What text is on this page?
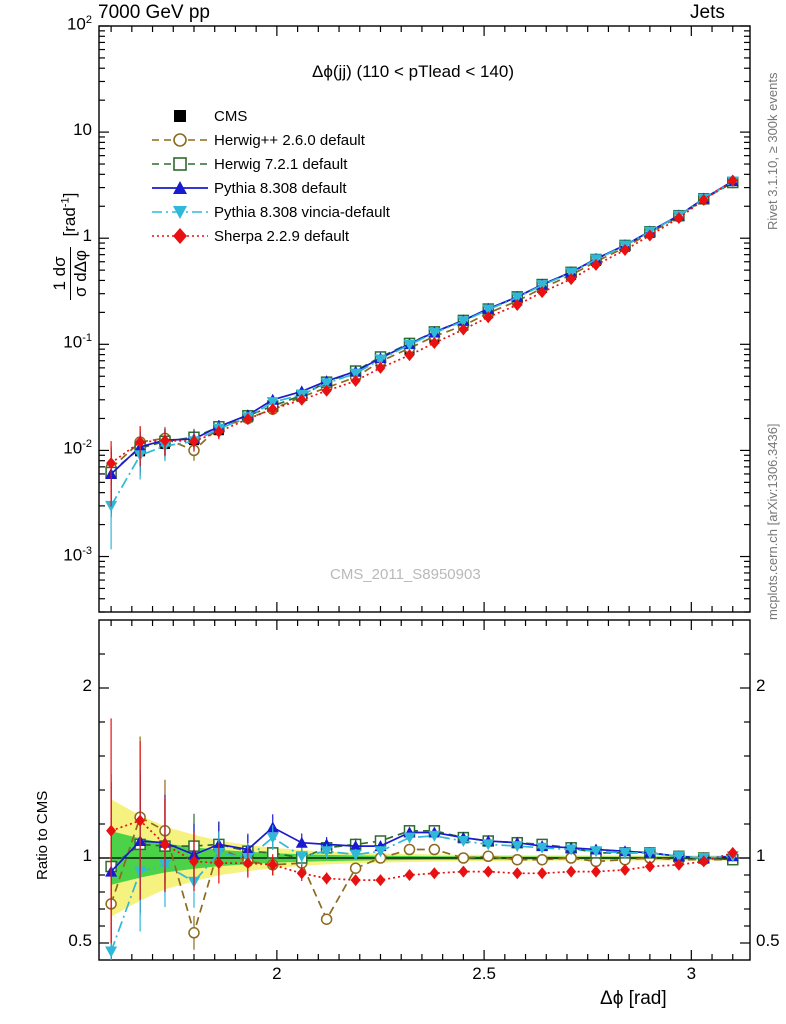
7000 GeV pp	Jets
Rivet 3.1.10, ≥ 300k events
mcplots.cern.ch [arXiv:1306.3436]
1 dσ σ dΔφ
[rad$^{-1}$]
Ratio to CMS
Δϕ [rad]
Δϕ(jj) (110 < pTlead < 140)
CMS_2011_S8950903
CMS
Herwig++ 2.6.0 default
Herwig 7.2.1 default
Pythia 8.308 default
Pythia 8.308 vincia-default
Sherpa 2.2.9 default
$10^{-3}$
$10^{-2}$
$10^{-1}$
1
10
$10^2$
0.5	0.5
1	1
2	2
2	2.5	3
